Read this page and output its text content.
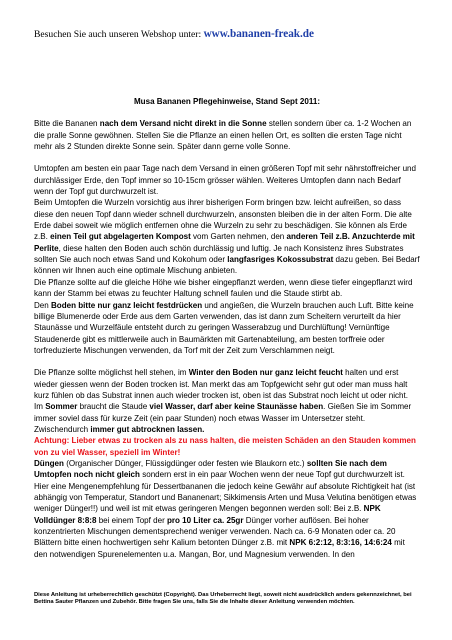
Besuchen Sie auch unseren Webshop unter: www.bananen-freak.de

Musa Bananen Pflegehinweise, Stand Sept 2011:

Bitte die Bananen nach dem Versand nicht direkt in die Sonne stellen sondern über ca. 1-2 Wochen an die pralle Sonne gewöhnen. Stellen Sie die Pflanze an einen hellen Ort, es sollten die ersten Tage nicht mehr als 2 Stunden direkte Sonne sein. Später dann gerne volle Sonne.

Umtopfen am besten ein paar Tage nach dem Versand in einen größeren Topf mit sehr nährstoffreicher und durchlässiger Erde, den Topf immer so 10-15cm grösser wählen. Weiteres Umtopfen dann nach Bedarf wenn der Topf gut durchwurzelt ist.

Beim Umtopfen die Wurzeln vorsichtig aus ihrer bisherigen Form bringen bzw. leicht aufreißen, so dass diese den neuen Topf dann wieder schnell durchwurzeln, ansonsten bleiben die in der alten Form. Die alte Erde dabei soweit wie möglich entfernen ohne die Wurzeln zu sehr zu beschädigen. Sie können als Erde z.B. einen Teil gut abgelagerten Kompost vom Garten nehmen, den anderen Teil z.B. Anzuchterde mit Perlite, diese halten den Boden auch schön durchlässig und luftig. Je nach Konsistenz ihres Substrates sollten Sie auch noch etwas Sand und Kokohum oder langfasriges Kokossubstrat dazu geben. Bei Bedarf können wir Ihnen auch eine optimale Mischung anbieten.

Die Pflanze sollte auf die gleiche Höhe wie bisher eingepflanzt werden, wenn diese tiefer eingepflanzt wird kann der Stamm bei etwas zu feuchter Haltung schnell faulen und die Staude stirbt ab.

Den Boden bitte nur ganz leicht festdrücken und angießen, die Wurzeln brauchen auch Luft. Bitte keine billige Blumenerde oder Erde aus dem Garten verwenden, das ist dann zum Scheitern verurteilt da hier Staunässe und Wurzelfäule entsteht durch zu geringen Wasserabzug und Durchlüftung! Vernünftige Staudenerde gibt es mittlerweile auch in Baumärkten mit Gartenabteilung, am besten torffreie oder torfreduzierte Mischungen verwenden, da Torf mit der Zeit zum Verschlammen neigt.

Die Pflanze sollte möglichst hell stehen, im Winter den Boden nur ganz leicht feucht halten und erst wieder giessen wenn der Boden trocken ist. Man merkt das am Topfgewicht sehr gut oder man muss halt kurz fühlen ob das Substrat innen auch wieder trocken ist, oben ist das Substrat noch leicht ut oder nicht.

Im Sommer braucht die Staude viel Wasser, darf aber keine Staunässe haben. Gießen Sie im Sommer immer soviel dass für kurze Zeit (ein paar Stunden) noch etwas Wasser im Untersetzer steht. Zwischendurch immer gut abtrocknen lassen.

Achtung: Lieber etwas zu trocken als zu nass halten, die meisten Schäden an den Stauden kommen von zu viel Wasser, speziell im Winter!

Düngen (Organischer Dünger, Flüssigdünger oder festen wie Blaukorn etc.) sollten Sie nach dem Umtopfen noch nicht gleich sondern erst in ein paar Wochen wenn der neue Topf gut durchwurzelt ist. Hier eine Mengenempfehlung für Dessertbananen die jedoch keine Gewähr auf absolute Richtigkeit hat (ist abhängig von Temperatur, Standort und Bananenart; Sikkimensis Arten und Musa Velutina benötigen etwas weniger Dünger!!) und weil ist mit etwas geringeren Mengen begonnen werden soll: Bei z.B. NPK Volldünger 8:8:8 bei einem Topf der pro 10 Liter ca. 25gr Dünger vorher auflösen. Bei hoher konzentrierten Mischungen dementsprechend weniger verwenden. Nach ca. 6-9 Monaten oder ca. 20 Blättern bitte einen hochwertigen sehr Kalium betonten Dünger z.B. mit NPK 6:2:12, 8:3:16, 14:6:24 mit den notwendigen Spurenelementen u.a. Mangan, Bor, und Magnesium verwenden. In den

Diese Anleitung ist urheberrechtlich geschützt (Copyright). Das Urheberrecht liegt, soweit nicht ausdrücklich anders gekennzeichnet, bei Bettina Sauter Pflanzen und Zubehör. Bitte fragen Sie uns, falls Sie die Inhalte dieser Anleitung verwenden möchten.
